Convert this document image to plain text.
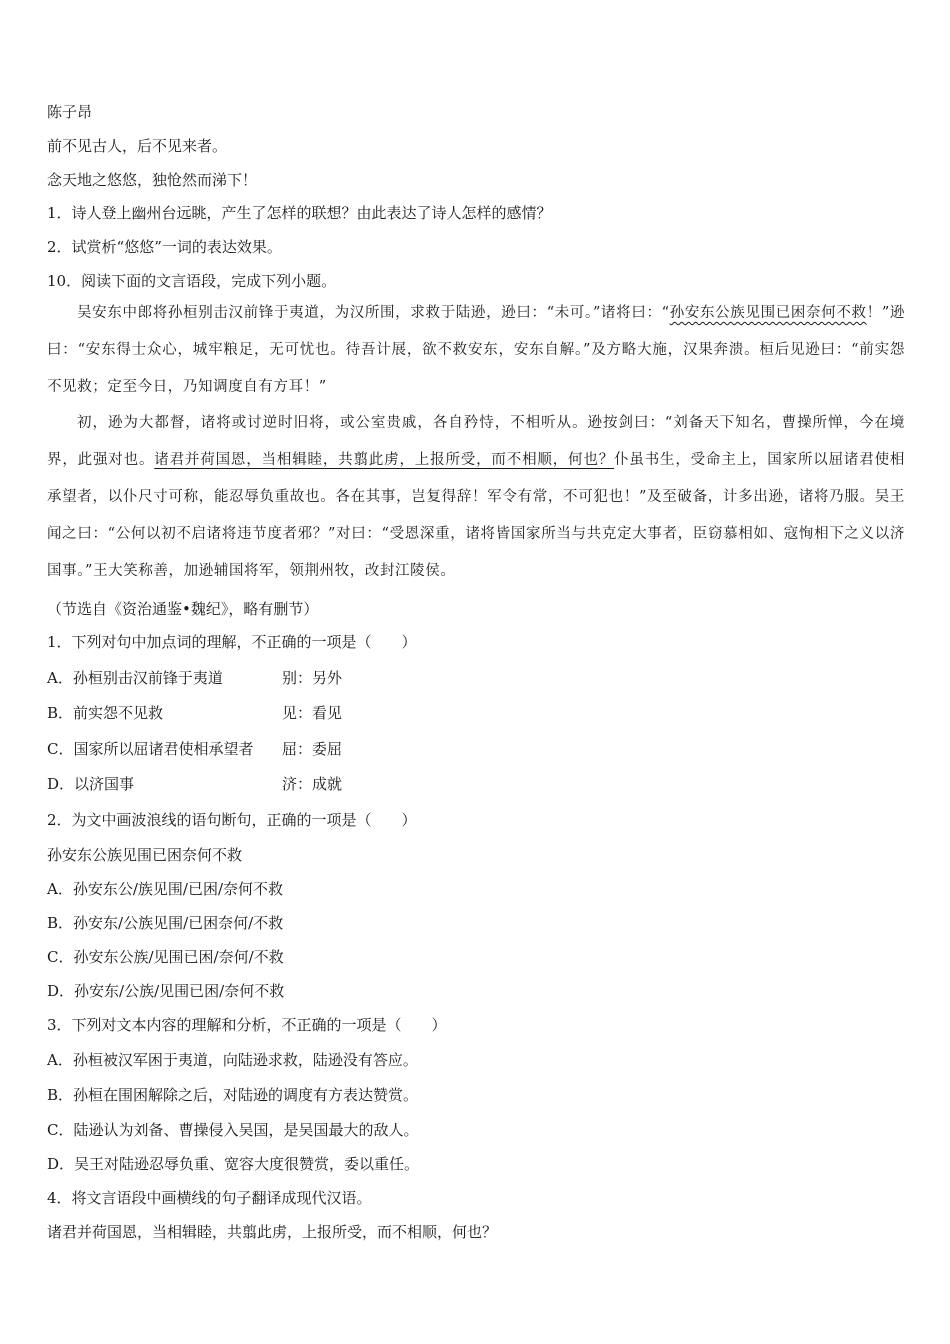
陈子昂
前不见古人，后不见来者。
念天地之悠悠，独怆然而涕下！
1．诗人登上幽州台远眺，产生了怎样的联想？由此表达了诗人怎样的感情？
2．试赏析“悠悠”一词的表达效果。
10．阅读下面的文言语段，完成下列小题。
吴安东中郎将孙桓别击汉前锋于夷道，为汉所围，求救于陆逊，逊曰：“未可。”诸将曰：“孙安东公族见围已困奈何不救！”逊曰：“安东得士众心，城牢粮足，无可忧也。待吾计展，欲不救安东，安东自解。”及方略大施，汉果奔溃。桓后见逊曰：“前实怨不见救；定至今日，乃知调度自有方耳！”
初，逊为大都督，诸将或讨逆时旧将，或公室贵戚，各自矜恃，不相听从。逊按剑曰：“刘备天下知名，曹操所惮，今在境界，此强对也。诸君并荷国恩，当相辑睦，共翦此虏，上报所受，而不相顺，何也？仆虽书生，受命主上，国家所以屈诸君使相承望者，以仆尺寸可称，能忍辱负重故也。各在其事，岂复得辞！军令有常，不可犯也！”及至破备，计多出逊，诸将乃服。吴王闻之曰：“公何以初不启诸将违节度者邪？”对曰：“受恩深重，诸将皆国家所当与共克定大事者，臣窃慕相如、寇恂相下之义以济国事。”王大笑称善，加逊辅国将军，领荆州牧，改封江陵侯。
（节选自《资治通鉴•魏纪》，略有删节）
1．下列对句中加点词的理解，不正确的一项是（　　）
A．孙桓别击汉前锋于夷道	别：另外
B．前实怨不见救	见：看见
C．国家所以屈诸君使相承望者 屈：委屈
D．以济国事	济：成就
2．为文中画波浪线的语句断句，正确的一项是（　　）
孙安东公族见围已困奈何不救
A．孙安东公/族见围/已困/奈何不救
B．孙安东/公族见围/已困奈何/不救
C．孙安东公族/见围已困/奈何/不救
D．孙安东/公族/见围已困/奈何不救
3．下列对文本内容的理解和分析，不正确的一项是（　　）
A．孙桓被汉军困于夷道，向陆逊求救，陆逊没有答应。
B．孙桓在围困解除之后，对陆逊的调度有方表达赞赏。
C．陆逊认为刘备、曹操侵入吴国，是吴国最大的敌人。
D．吴王对陆逊忍辱负重、宽容大度很赞赏，委以重任。
4．将文言语段中画横线的句子翻译成现代汉语。
诸君并荷国恩，当相辑睦，共翦此虏，上报所受，而不相顺，何也？
